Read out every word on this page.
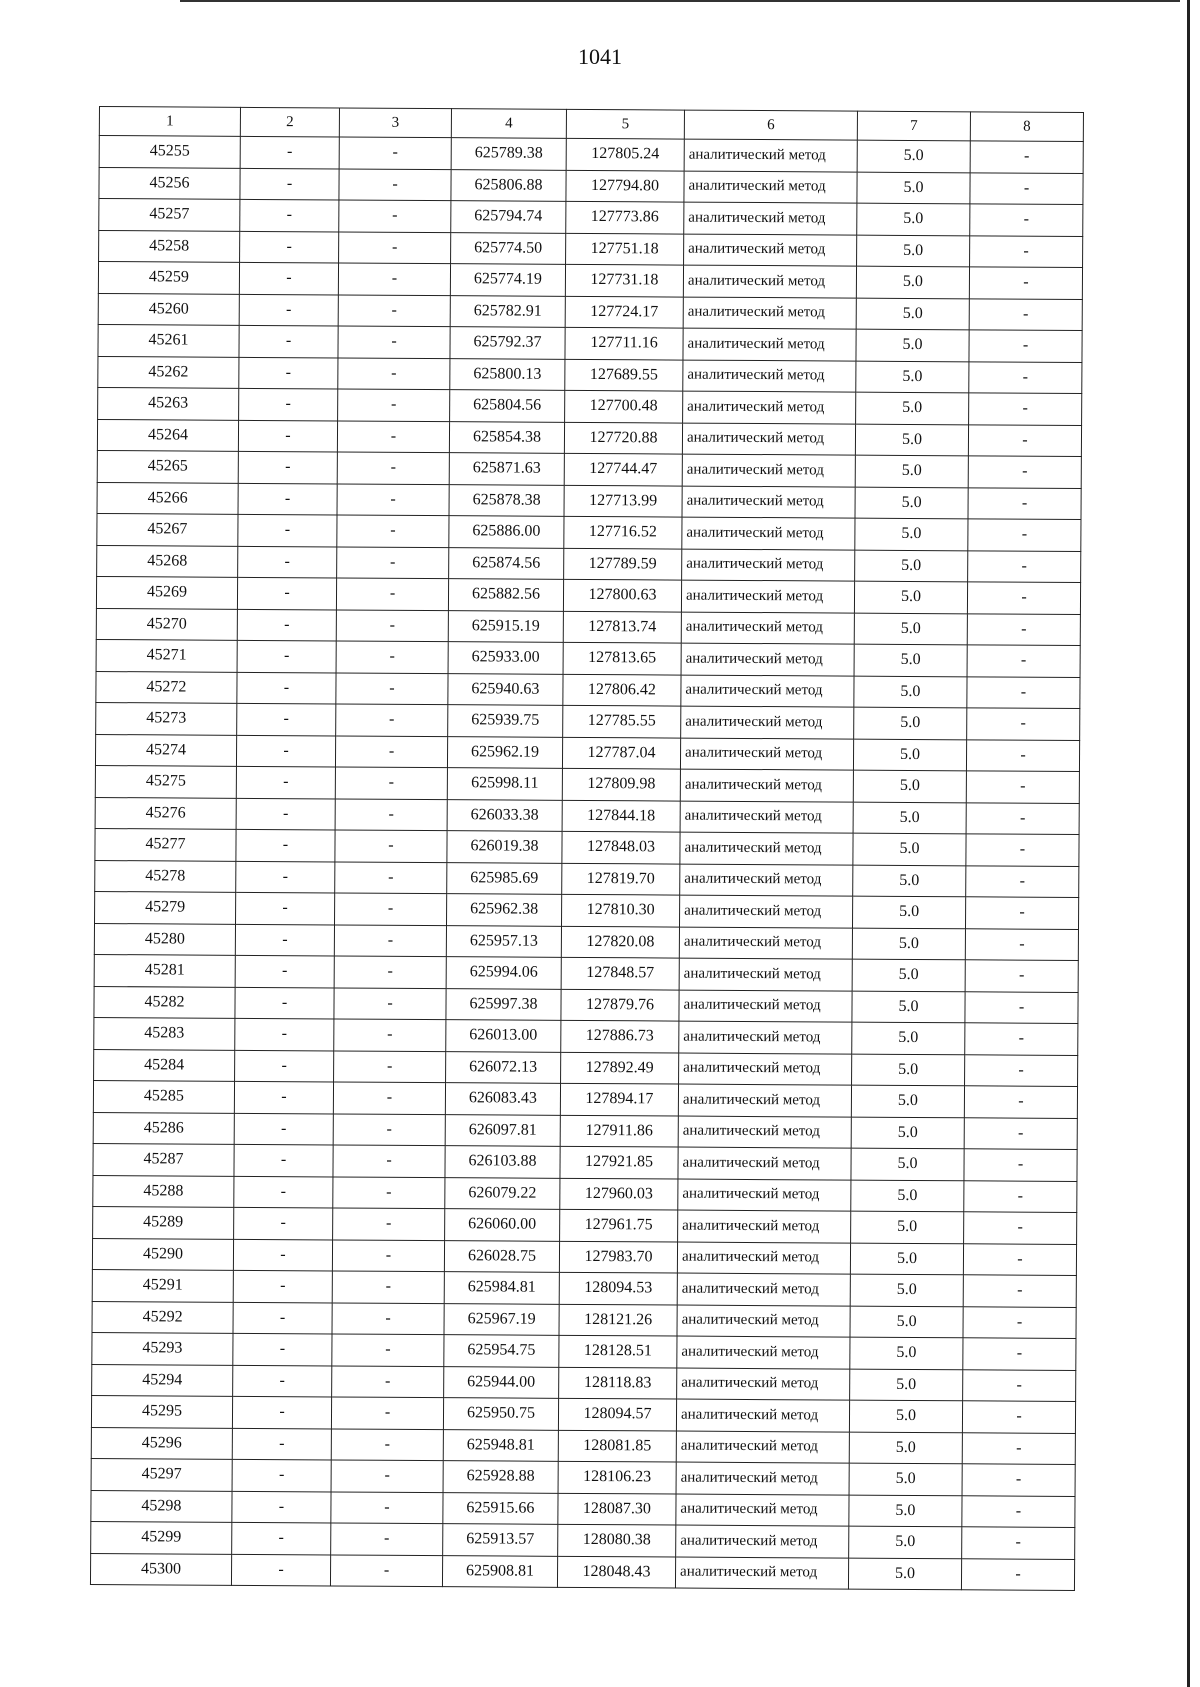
1041
1	2	3	4	5	6	7	8
45255	-	-	625789.38	127805.24	аналитический метод	5.0	-
45256	-	-	625806.88	127794.80	аналитический метод	5.0	-
45257	-	-	625794.74	127773.86	аналитический метод	5.0	-
45258	-	-	625774.50	127751.18	аналитический метод	5.0	-
45259	-	-	625774.19	127731.18	аналитический метод	5.0	-
45260	-	-	625782.91	127724.17	аналитический метод	5.0	-
45261	-	-	625792.37	127711.16	аналитический метод	5.0	-
45262	-	-	625800.13	127689.55	аналитический метод	5.0	-
45263	-	-	625804.56	127700.48	аналитический метод	5.0	-
45264	-	-	625854.38	127720.88	аналитический метод	5.0	-
45265	-	-	625871.63	127744.47	аналитический метод	5.0	-
45266	-	-	625878.38	127713.99	аналитический метод	5.0	-
45267	-	-	625886.00	127716.52	аналитический метод	5.0	-
45268	-	-	625874.56	127789.59	аналитический метод	5.0	-
45269	-	-	625882.56	127800.63	аналитический метод	5.0	-
45270	-	-	625915.19	127813.74	аналитический метод	5.0	-
45271	-	-	625933.00	127813.65	аналитический метод	5.0	-
45272	-	-	625940.63	127806.42	аналитический метод	5.0	-
45273	-	-	625939.75	127785.55	аналитический метод	5.0	-
45274	-	-	625962.19	127787.04	аналитический метод	5.0	-
45275	-	-	625998.11	127809.98	аналитический метод	5.0	-
45276	-	-	626033.38	127844.18	аналитический метод	5.0	-
45277	-	-	626019.38	127848.03	аналитический метод	5.0	-
45278	-	-	625985.69	127819.70	аналитический метод	5.0	-
45279	-	-	625962.38	127810.30	аналитический метод	5.0	-
45280	-	-	625957.13	127820.08	аналитический метод	5.0	-
45281	-	-	625994.06	127848.57	аналитический метод	5.0	-
45282	-	-	625997.38	127879.76	аналитический метод	5.0	-
45283	-	-	626013.00	127886.73	аналитический метод	5.0	-
45284	-	-	626072.13	127892.49	аналитический метод	5.0	-
45285	-	-	626083.43	127894.17	аналитический метод	5.0	-
45286	-	-	626097.81	127911.86	аналитический метод	5.0	-
45287	-	-	626103.88	127921.85	аналитический метод	5.0	-
45288	-	-	626079.22	127960.03	аналитический метод	5.0	-
45289	-	-	626060.00	127961.75	аналитический метод	5.0	-
45290	-	-	626028.75	127983.70	аналитический метод	5.0	-
45291	-	-	625984.81	128094.53	аналитический метод	5.0	-
45292	-	-	625967.19	128121.26	аналитический метод	5.0	-
45293	-	-	625954.75	128128.51	аналитический метод	5.0	-
45294	-	-	625944.00	128118.83	аналитический метод	5.0	-
45295	-	-	625950.75	128094.57	аналитический метод	5.0	-
45296	-	-	625948.81	128081.85	аналитический метод	5.0	-
45297	-	-	625928.88	128106.23	аналитический метод	5.0	-
45298	-	-	625915.66	128087.30	аналитический метод	5.0	-
45299	-	-	625913.57	128080.38	аналитический метод	5.0	-
45300	-	-	625908.81	128048.43	аналитический метод	5.0	-
